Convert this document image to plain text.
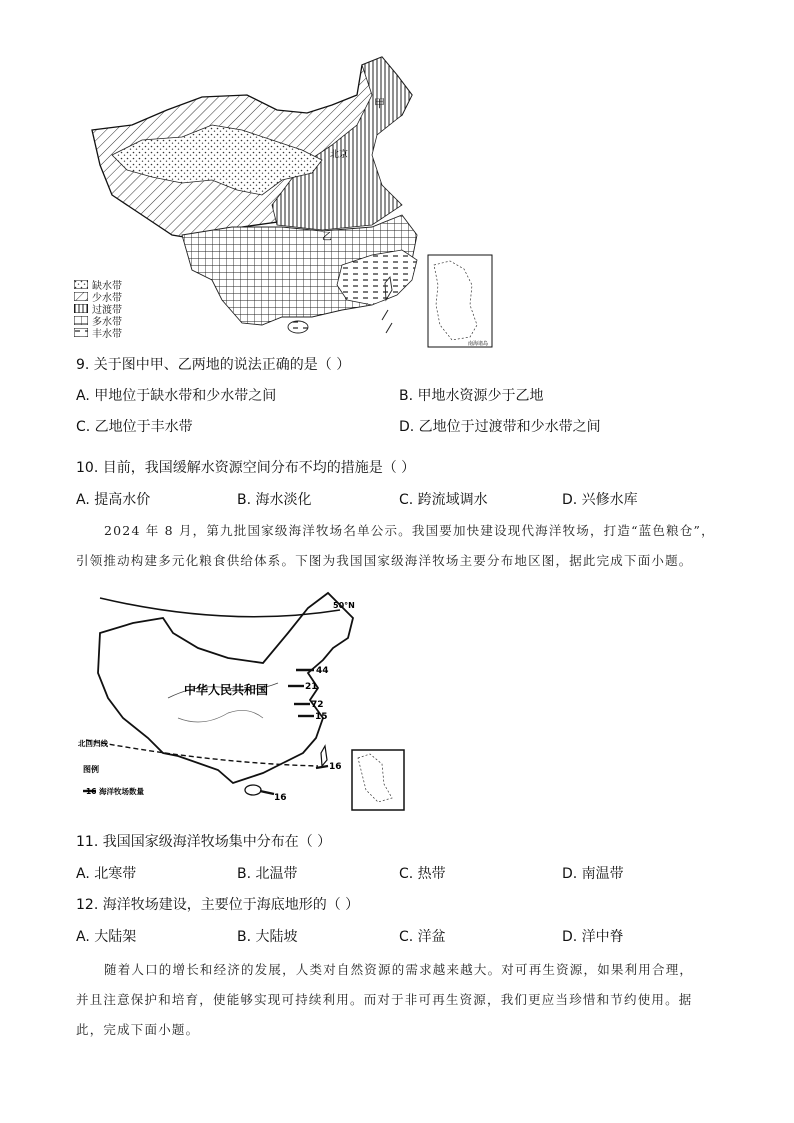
甲
北京
乙
南海诸岛
缺水带
少水带
过渡带
多水带
丰水带
9. 关于图中甲、乙两地的说法正确的是（ ）
A. 甲地位于缺水带和少水带之间	B. 甲地水资源少于乙地
C. 乙地位于丰水带	D. 乙地位于过渡带和少水带之间
10. 目前，我国缓解水资源空间分布不均的措施是（ ）
A. 提高水价	B. 海水淡化	C. 跨流域调水	D. 兴修水库
2024 年 8 月，第九批国家级海洋牧场名单公示。我国要加快建设现代海洋牧场，打造“蓝色粮仓”，
引领推动构建多元化粮食供给体系。下图为我国国家级海洋牧场主要分布地区图，据此完成下面小题。
50°N
北回归线
中华人民共和国
44
21
72
15
16
16
图例
16 海洋牧场数量
11. 我国国家级海洋牧场集中分布在（ ）
A. 北寒带	B. 北温带	C. 热带	D. 南温带
12. 海洋牧场建设，主要位于海底地形的（ ）
A. 大陆架	B. 大陆坡	C. 洋盆	D. 洋中脊
随着人口的增长和经济的发展，人类对自然资源的需求越来越大。对可再生资源，如果利用合理，
并且注意保护和培育，使能够实现可持续利用。而对于非可再生资源，我们更应当珍惜和节约使用。据
此，完成下面小题。
